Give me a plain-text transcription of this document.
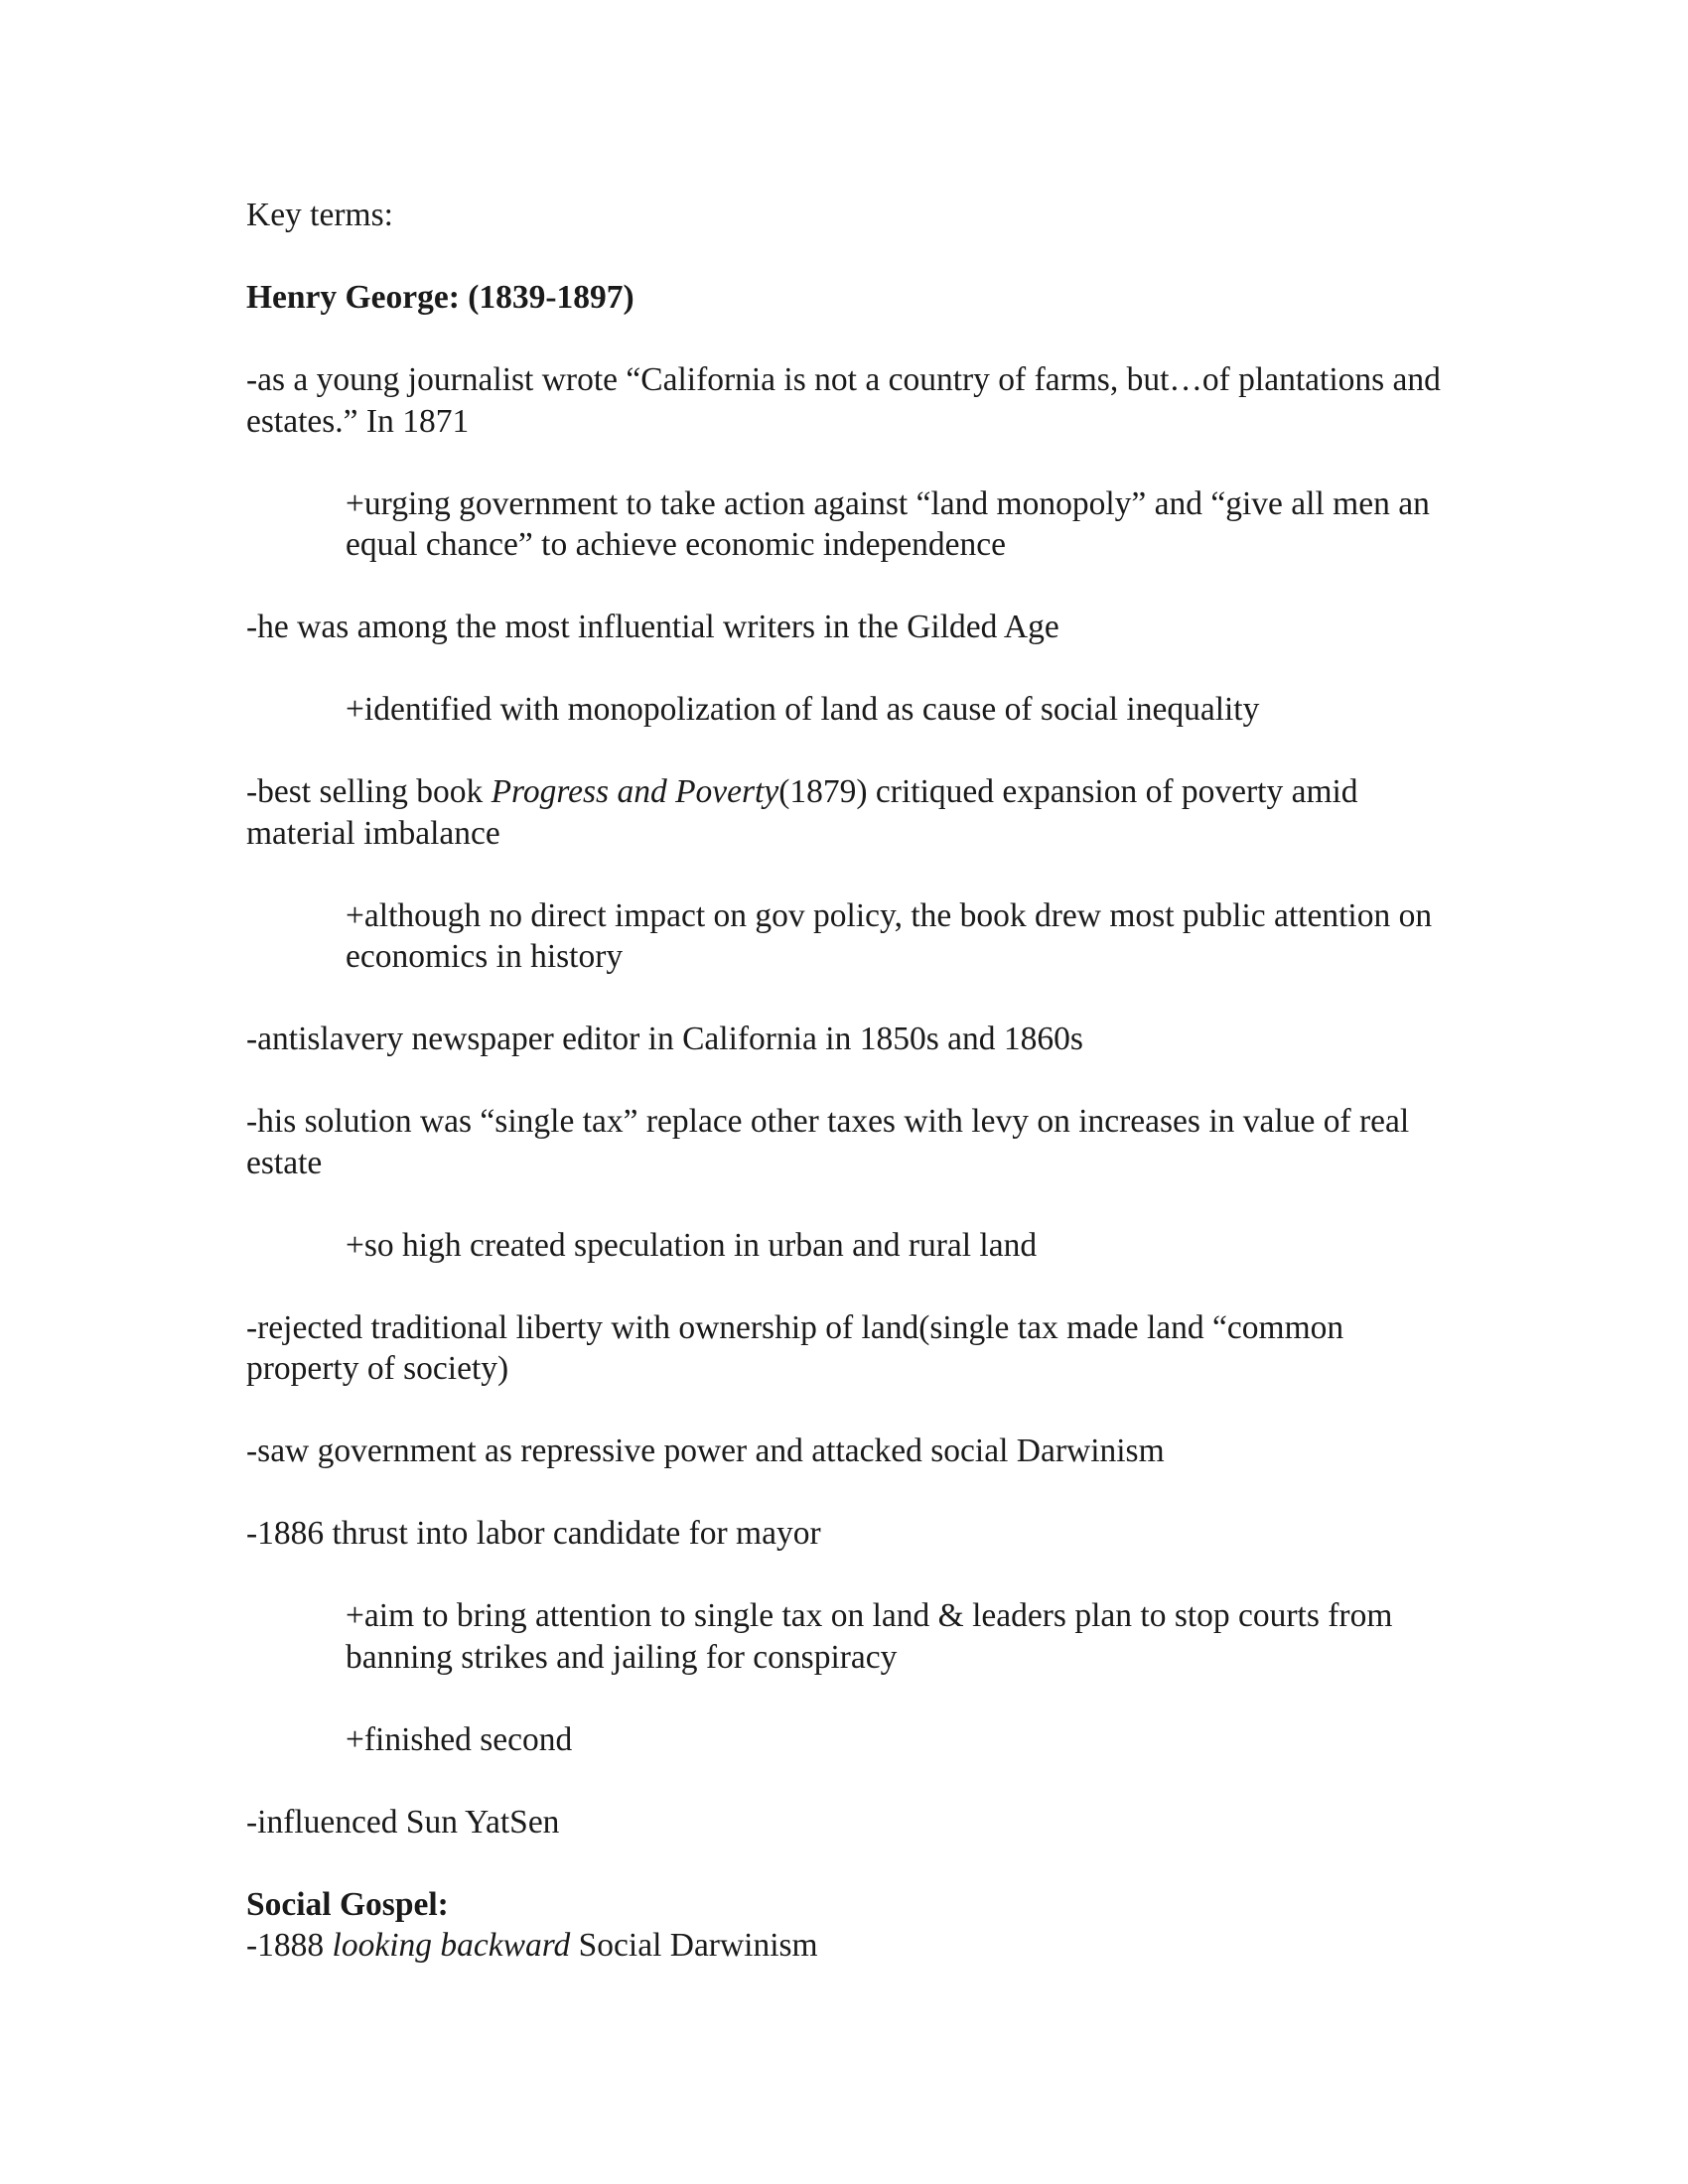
Key terms:

Henry George: (1839-1897)

-as a young journalist wrote “California is not a country of farms, but…of plantations and estates.” In 1871

+urging government to take action against “land monopoly” and “give all men an equal chance” to achieve economic independence

-he was among the most influential writers in the Gilded Age

+identified with monopolization of land as cause of social inequality

-best selling book Progress and Poverty(1879) critiqued expansion of poverty amid material imbalance

+although no direct impact on gov policy, the book drew most public attention on economics in history

-antislavery newspaper editor in California in 1850s and 1860s

-his solution was “single tax” replace other taxes with levy on increases in value of real estate

+so high created speculation in urban and rural land

-rejected traditional liberty with ownership of land(single tax made land “common property of society)

-saw government as repressive power and attacked social Darwinism

-1886 thrust into labor candidate for mayor

+aim to bring attention to single tax on land & leaders plan to stop courts from banning strikes and jailing for conspiracy

+finished second

-influenced Sun YatSen

Social Gospel:

-1888 looking backward Social Darwinism
